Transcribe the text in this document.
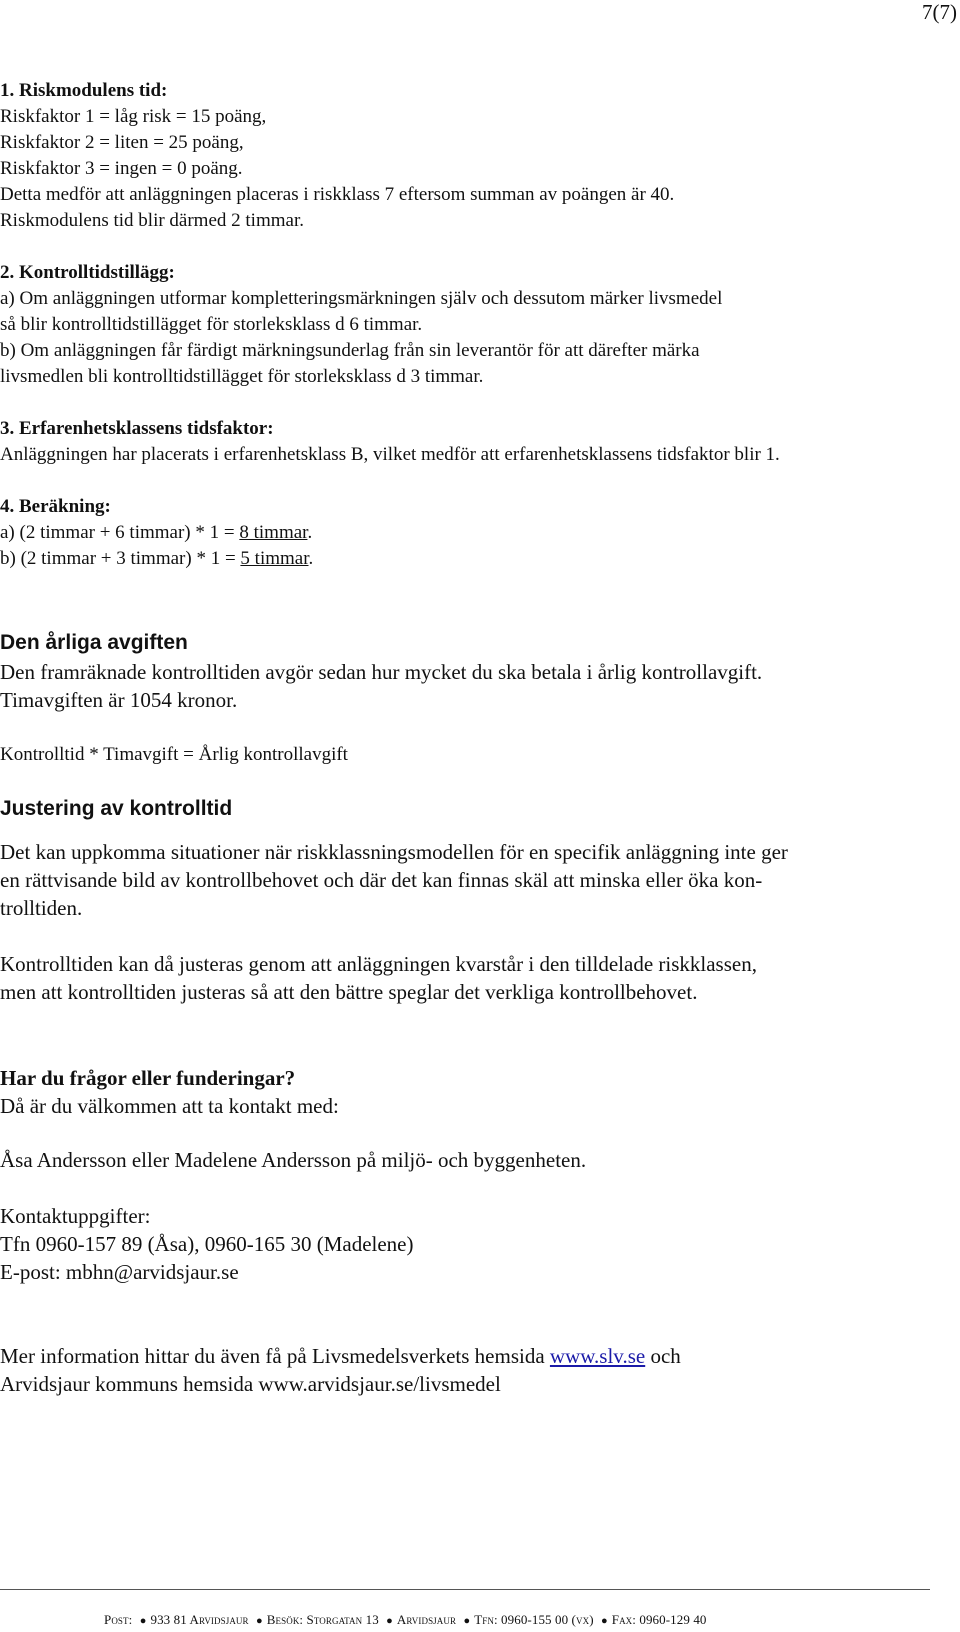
7(7)
1. Riskmodulens tid:
Riskfaktor 1 = låg risk = 15 poäng,
Riskfaktor 2 = liten = 25 poäng,
Riskfaktor 3 = ingen = 0 poäng.
Detta medför att anläggningen placeras i riskklass 7 eftersom summan av poängen är 40.
Riskmodulens tid blir därmed 2 timmar.
2. Kontrolltidstillägg:
a) Om anläggningen utformar kompletteringsmärkningen själv och dessutom märker livsmedel
så blir kontrolltidstillägget för storleksklass d 6 timmar.
b) Om anläggningen får färdigt märkningsunderlag från sin leverantör för att därefter märka
livsmedlen bli kontrolltidstillägget för storleksklass d 3 timmar.
3. Erfarenhetsklassens tidsfaktor:
Anläggningen har placerats i erfarenhetsklass B, vilket medför att erfarenhetsklassens tidsfaktor blir 1.
4. Beräkning:
a) (2 timmar + 6 timmar) * 1 = 8 timmar.
b) (2 timmar + 3 timmar) * 1 = 5 timmar.
Den årliga avgiften
Den framräknade kontrolltiden avgör sedan hur mycket du ska betala i årlig kontrollavgift.
Timavgiften är 1054 kronor.
Kontrolltid * Timavgift = Årlig kontrollavgift
Justering av kontrolltid
Det kan uppkomma situationer när riskklassningsmodellen för en specifik anläggning inte ger
en rättvisande bild av kontrollbehovet och där det kan finnas skäl att minska eller öka kon-
trolltiden.
Kontrolltiden kan då justeras genom att anläggningen kvarstår i den tilldelade riskklassen,
men att kontrolltiden justeras så att den bättre speglar det verkliga kontrollbehovet.
Har du frågor eller funderingar?
Då är du välkommen att ta kontakt med:
Åsa Andersson eller Madelene Andersson på miljö- och byggenheten.
Kontaktuppgifter:
Tfn 0960-157 89 (Åsa), 0960-165 30 (Madelene)
E-post: mbhn@arvidsjaur.se
Mer information hittar du även få på Livsmedelsverkets hemsida www.slv.se och
Arvidsjaur kommuns hemsida www.arvidsjaur.se/livsmedel
Post: ● 933 81 Arvidsjaur ● Besök: Storgatan 13 ● Arvidsjaur ● Tfn: 0960-155 00 (vx) ● Fax: 0960-129 40
